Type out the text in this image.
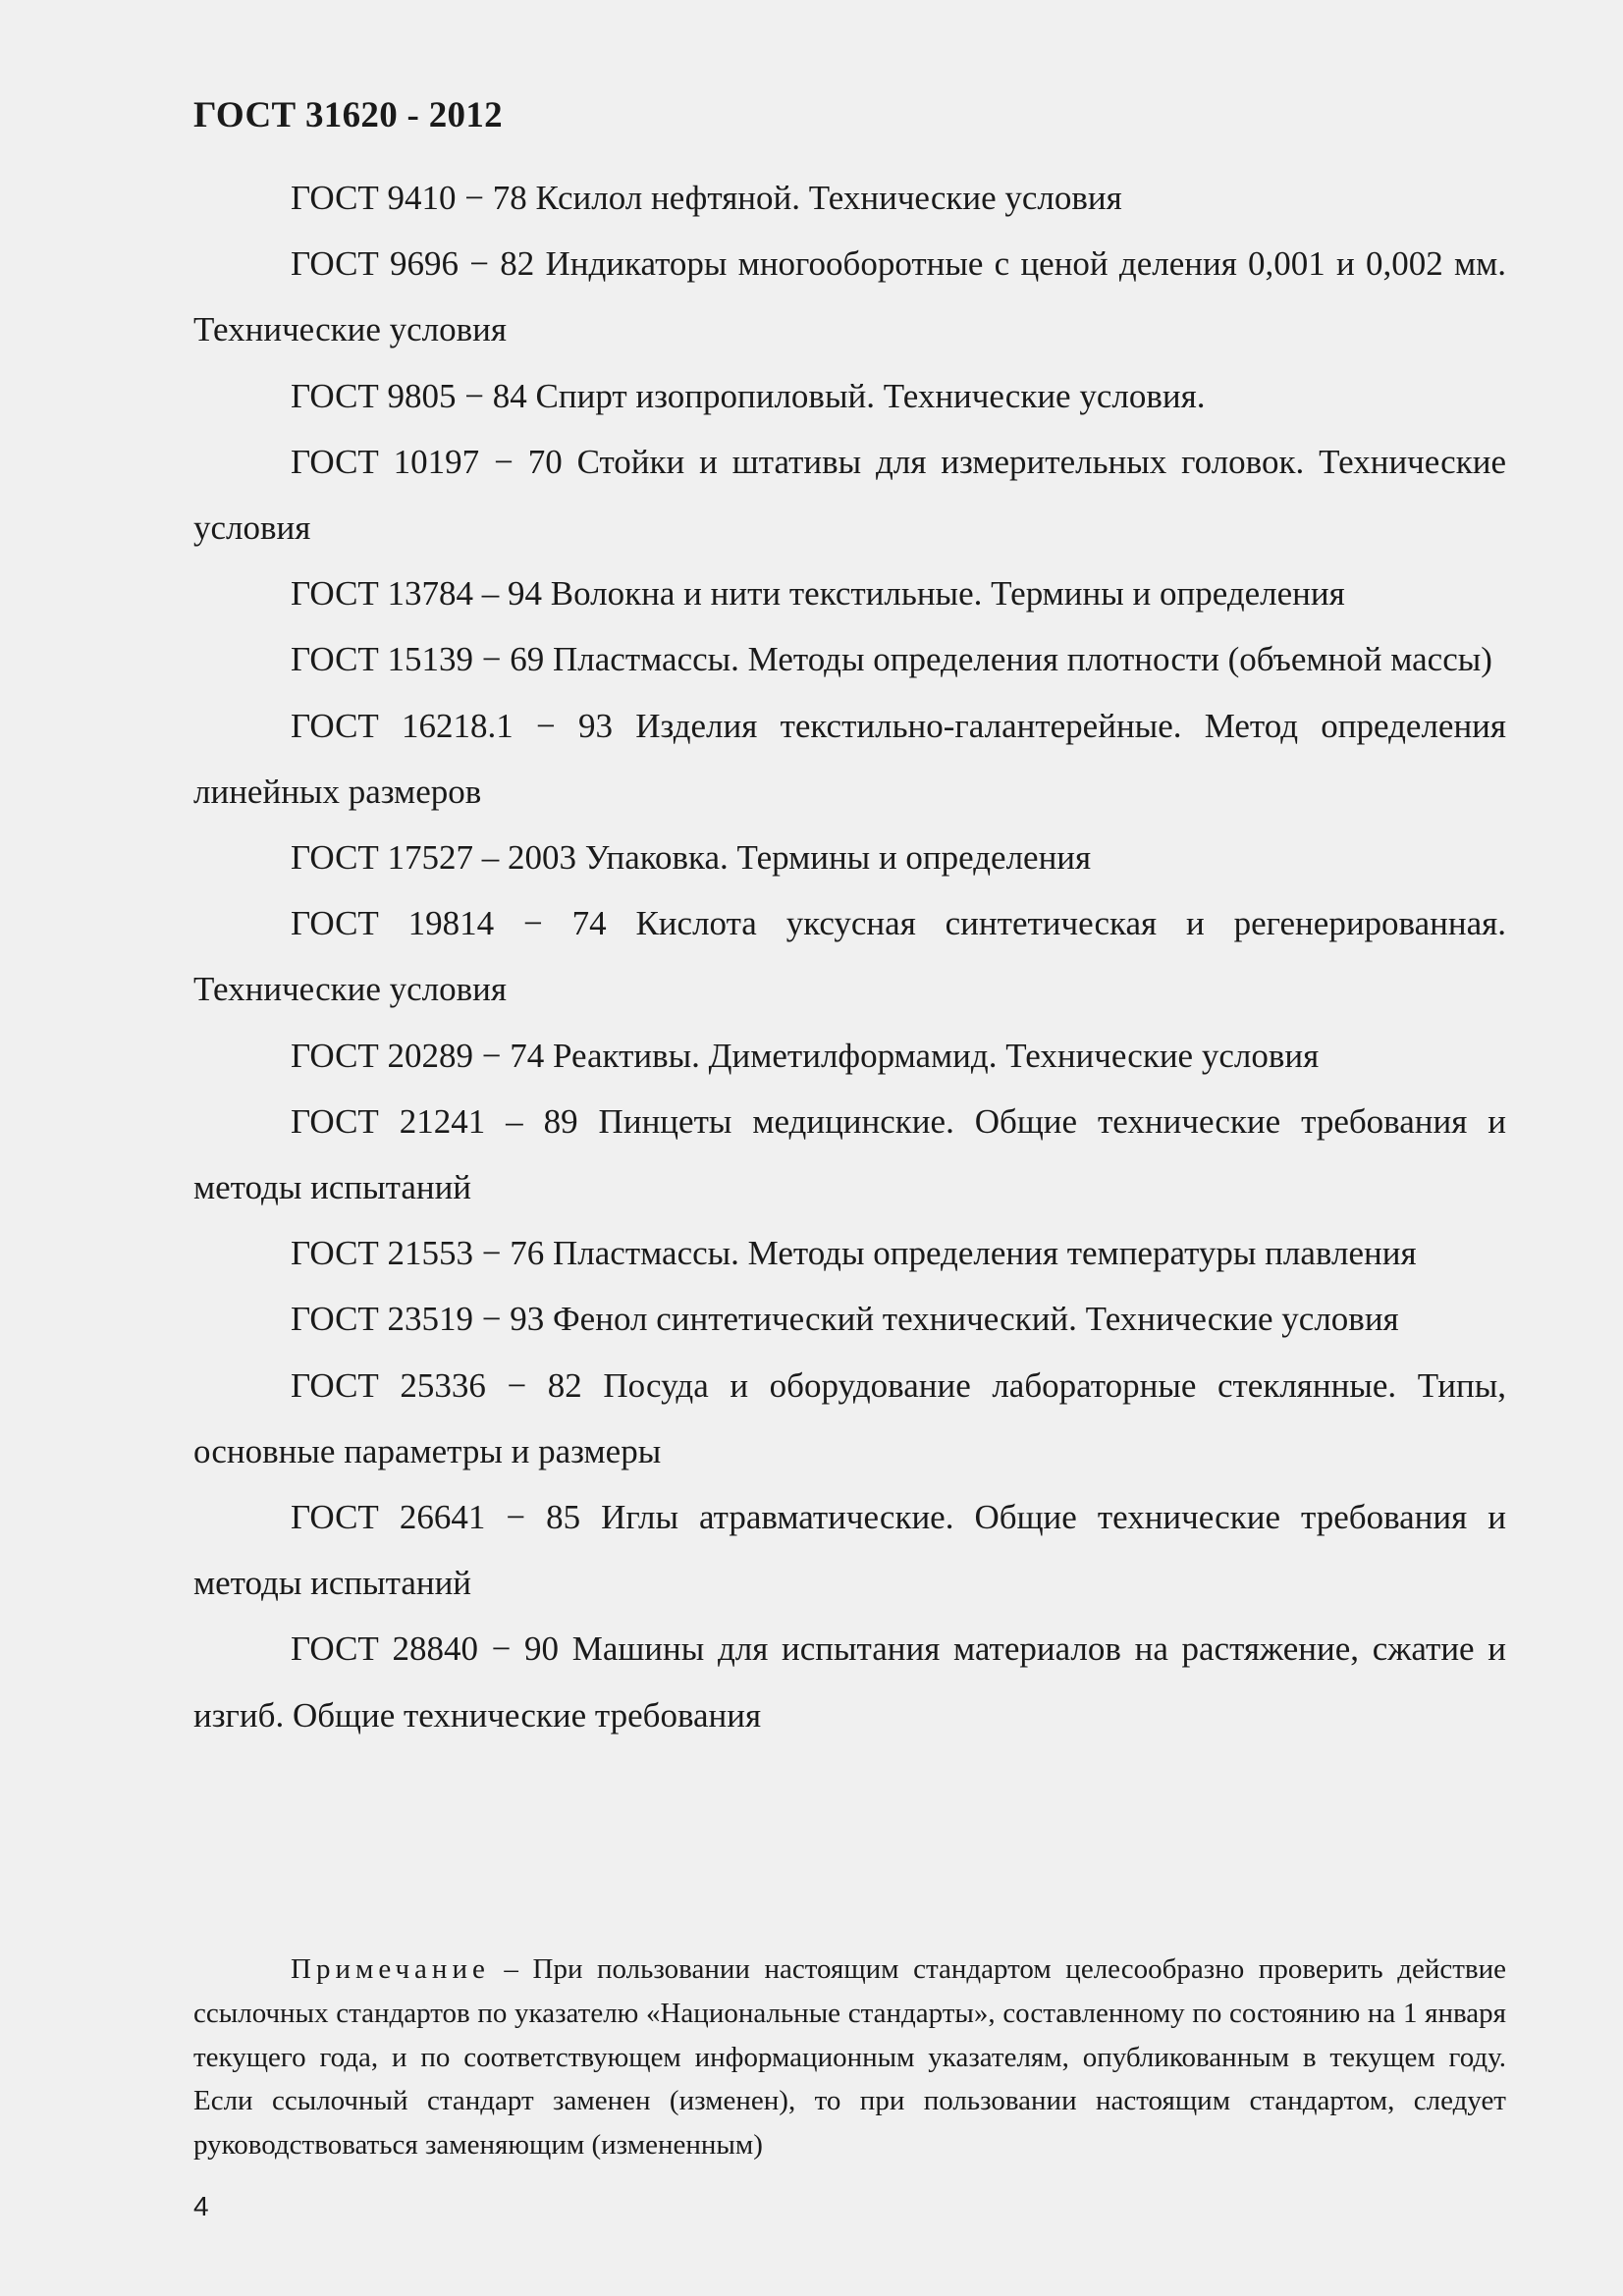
ГОСТ 31620 - 2012
ГОСТ 9410 − 78 Ксилол нефтяной. Технические условия
ГОСТ 9696 − 82 Индикаторы многооборотные с ценой деления 0,001 и 0,002 мм. Технические условия
ГОСТ 9805 − 84 Спирт изопропиловый. Технические условия.
ГОСТ 10197 − 70 Стойки и штативы для измерительных головок. Технические условия
ГОСТ 13784 – 94 Волокна и нити текстильные. Термины и определения
ГОСТ 15139 − 69 Пластмассы. Методы определения плотности (объемной массы)
ГОСТ 16218.1 − 93 Изделия текстильно-галантерейные. Метод определения линейных размеров
ГОСТ 17527 – 2003 Упаковка. Термины и определения
ГОСТ 19814 − 74 Кислота уксусная синтетическая и регенерированная. Технические условия
ГОСТ 20289 − 74 Реактивы. Диметилформамид. Технические условия
ГОСТ 21241 – 89 Пинцеты медицинские. Общие технические требования и методы испытаний
ГОСТ 21553 − 76 Пластмассы. Методы определения температуры плавления
ГОСТ 23519 − 93 Фенол синтетический технический. Технические условия
ГОСТ 25336 − 82 Посуда и оборудование лабораторные стеклянные. Типы, основные параметры и размеры
ГОСТ 26641 − 85 Иглы атравматические. Общие технические требования и методы испытаний
ГОСТ 28840 − 90 Машины для испытания материалов на растяжение, сжатие и изгиб. Общие технические требования

Примечание – При пользовании настоящим стандартом целесообразно проверить действие ссылочных стандартов по указателю «Национальные стандарты», составленному по состоянию на 1 января текущего года, и по соответствующем информационным указателям, опубликованным в текущем году. Если ссылочный стандарт заменен (изменен), то при пользовании настоящим стандартом, следует руководствоваться заменяющим (измененным)

4
